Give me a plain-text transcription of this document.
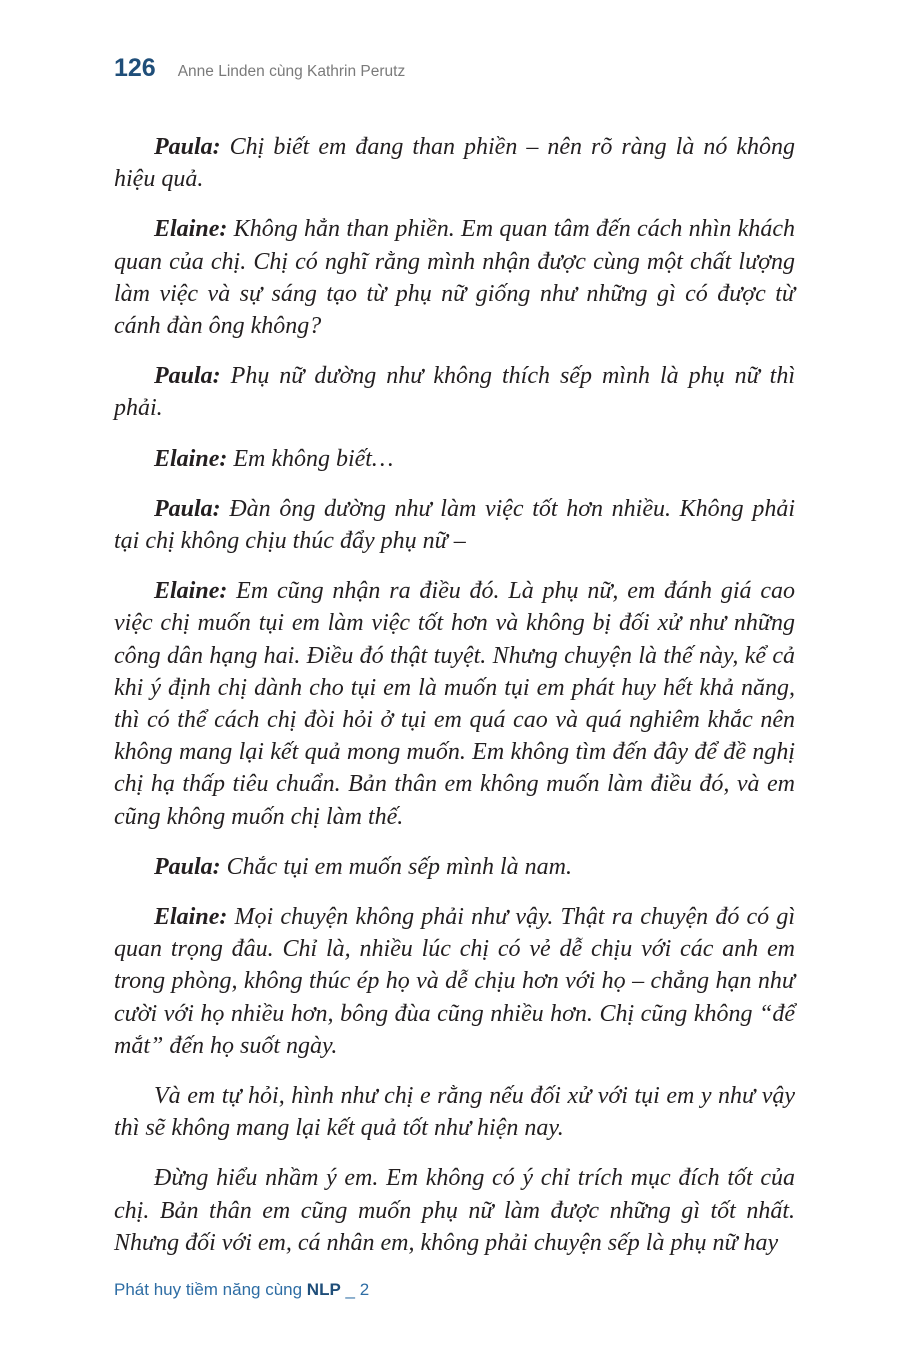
126 Anne Linden cùng Kathrin Perutz

Paula: Chị biết em đang than phiền – nên rõ ràng là nó không hiệu quả.

Elaine: Không hẳn than phiền. Em quan tâm đến cách nhìn khách quan của chị. Chị có nghĩ rằng mình nhận được cùng một chất lượng làm việc và sự sáng tạo từ phụ nữ giống như những gì có được từ cánh đàn ông không?

Paula: Phụ nữ dường như không thích sếp mình là phụ nữ thì phải.

Elaine: Em không biết…

Paula: Đàn ông dường như làm việc tốt hơn nhiều. Không phải tại chị không chịu thúc đẩy phụ nữ –

Elaine: Em cũng nhận ra điều đó. Là phụ nữ, em đánh giá cao việc chị muốn tụi em làm việc tốt hơn và không bị đối xử như những công dân hạng hai. Điều đó thật tuyệt. Nhưng chuyện là thế này, kể cả khi ý định chị dành cho tụi em là muốn tụi em phát huy hết khả năng, thì có thể cách chị đòi hỏi ở tụi em quá cao và quá nghiêm khắc nên không mang lại kết quả mong muốn. Em không tìm đến đây để đề nghị chị hạ thấp tiêu chuẩn. Bản thân em không muốn làm điều đó, và em cũng không muốn chị làm thế.

Paula: Chắc tụi em muốn sếp mình là nam.

Elaine: Mọi chuyện không phải như vậy. Thật ra chuyện đó có gì quan trọng đâu. Chỉ là, nhiều lúc chị có vẻ dễ chịu với các anh em trong phòng, không thúc ép họ và dễ chịu hơn với họ – chẳng hạn như cười với họ nhiều hơn, bông đùa cũng nhiều hơn. Chị cũng không “để mắt” đến họ suốt ngày.

Và em tự hỏi, hình như chị e rằng nếu đối xử với tụi em y như vậy thì sẽ không mang lại kết quả tốt như hiện nay.

Đừng hiểu nhầm ý em. Em không có ý chỉ trích mục đích tốt của chị. Bản thân em cũng muốn phụ nữ làm được những gì tốt nhất. Nhưng đối với em, cá nhân em, không phải chuyện sếp là phụ nữ hay

Phát huy tiềm năng cùng NLP _ 2
